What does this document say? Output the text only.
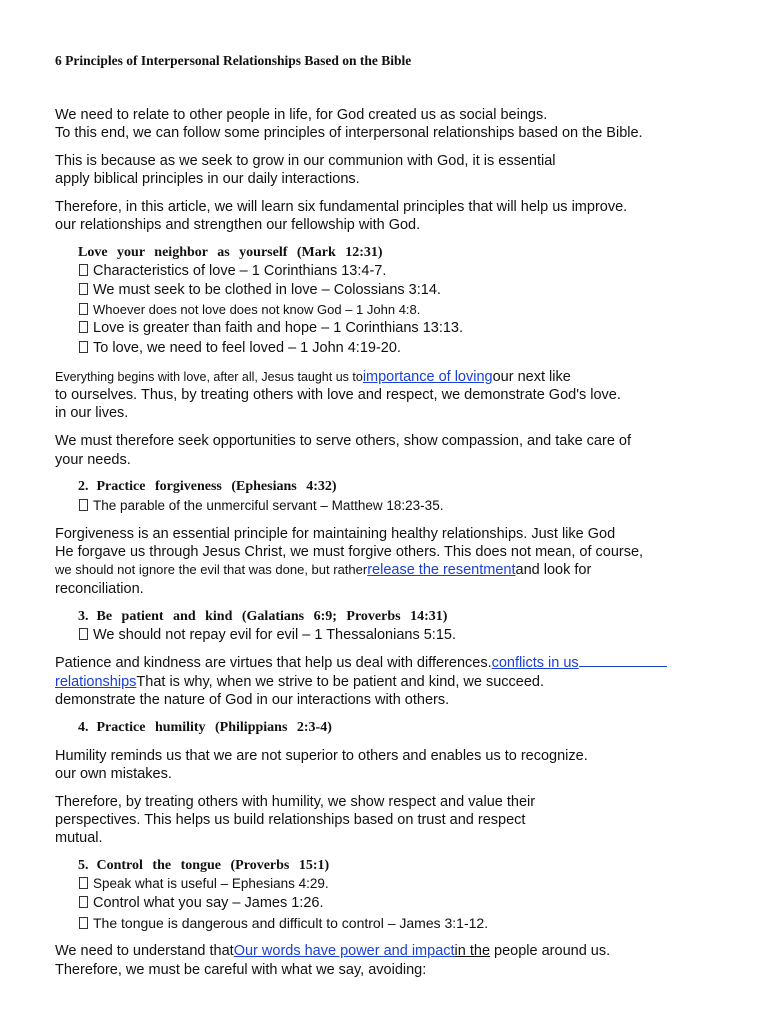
6 Principles of Interpersonal Relationships Based on the Bible
We need to relate to other people in life, for God created us as social beings.
To this end, we can follow some principles of interpersonal relationships based on the Bible.
This is because as we seek to grow in our communion with God, it is essential
apply biblical principles in our daily interactions.
Therefore, in this article, we will learn six fundamental principles that will help us improve.
our relationships and strengthen our fellowship with God.
Love your neighbor as yourself (Mark 12:31)
Characteristics of love – 1 Corinthians 13:4-7.
We must seek to be clothed in love – Colossians 3:14.
Whoever does not love does not know God – 1 John 4:8.
Love is greater than faith and hope – 1 Corinthians 13:13.
To love, we need to feel loved – 1 John 4:19-20.
Everything begins with love, after all, Jesus taught us toimportance of lovingour next like
to ourselves. Thus, by treating others with love and respect, we demonstrate God's love.
in our lives.
We must therefore seek opportunities to serve others, show compassion, and take care of
your needs.
2. Practice forgiveness (Ephesians 4:32)
The parable of the unmerciful servant – Matthew 18:23-35.
Forgiveness is an essential principle for maintaining healthy relationships. Just like God
He forgave us through Jesus Christ, we must forgive others. This does not mean, of course,
we should not ignore the evil that was done, but ratherrelease the resentmentand look for
reconciliation.
3. Be patient and kind (Galatians 6:9; Proverbs 14:31)
We should not repay evil for evil – 1 Thessalonians 5:15.
Patience and kindness are virtues that help us deal with differences.conflicts in us
relationshipsThat is why, when we strive to be patient and kind, we succeed.
demonstrate the nature of God in our interactions with others.
4. Practice humility (Philippians 2:3-4)
Humility reminds us that we are not superior to others and enables us to recognize.
our own mistakes.
Therefore, by treating others with humility, we show respect and value their
perspectives. This helps us build relationships based on trust and respect
mutual.
5. Control the tongue (Proverbs 15:1)
Speak what is useful – Ephesians 4:29.
Control what you say – James 1:26.
The tongue is dangerous and difficult to control – James 3:1-12.
We need to understand thatOur words have power and impactin the people around us.
Therefore, we must be careful with what we say, avoiding:
